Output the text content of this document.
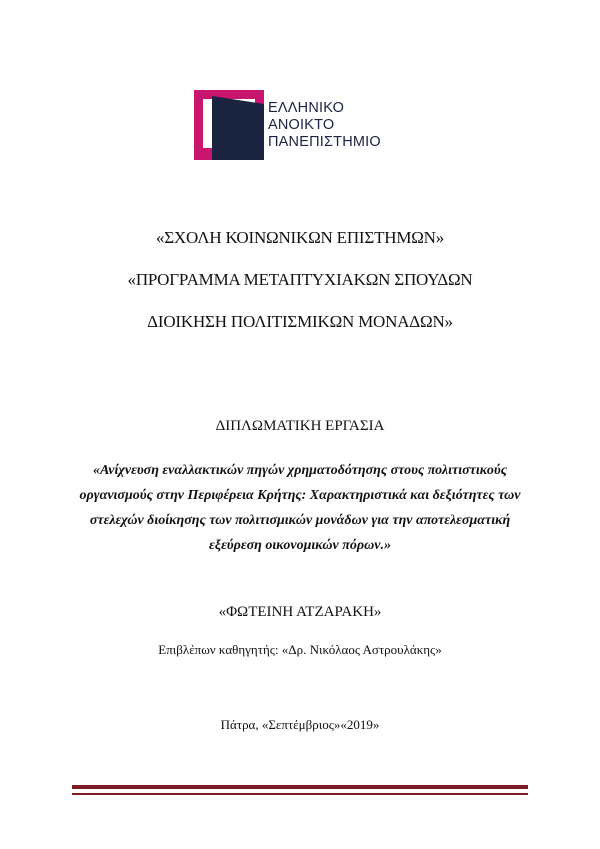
ΕΛΛΗΝΙΚΟ
ΑΝΟΙΚΤΟ
ΠΑΝΕΠΙΣΤΗΜΙΟ
«ΣΧΟΛΗ ΚΟΙΝΩΝΙΚΩΝ ΕΠΙΣΤΗΜΩΝ»
«ΠΡΟΓΡΑΜΜΑ ΜΕΤΑΠΤΥΧΙΑΚΩΝ ΣΠΟΥΔΩΝ
ΔΙΟΙΚΗΣΗ ΠΟΛΙΤΙΣΜΙΚΩΝ ΜΟΝΑΔΩΝ»
ΔΙΠΛΩΜΑΤΙΚΗ ΕΡΓΑΣΙΑ
«Ανίχνευση εναλλακτικών πηγών χρηματοδότησης στους πολιτιστικούς οργανισμούς στην Περιφέρεια Κρήτης: Χαρακτηριστικά και δεξιότητες των στελεχών διοίκησης των πολιτισμικών μονάδων για την αποτελεσματική εξεύρεση οικονομικών πόρων.»
«ΦΩΤΕΙΝΗ ΑΤΖΑΡΑΚΗ»
Επιβλέπων καθηγητής: «Δρ. Νικόλαος Αστρουλάκης»
Πάτρα, «Σεπτέμβριος»«2019»
